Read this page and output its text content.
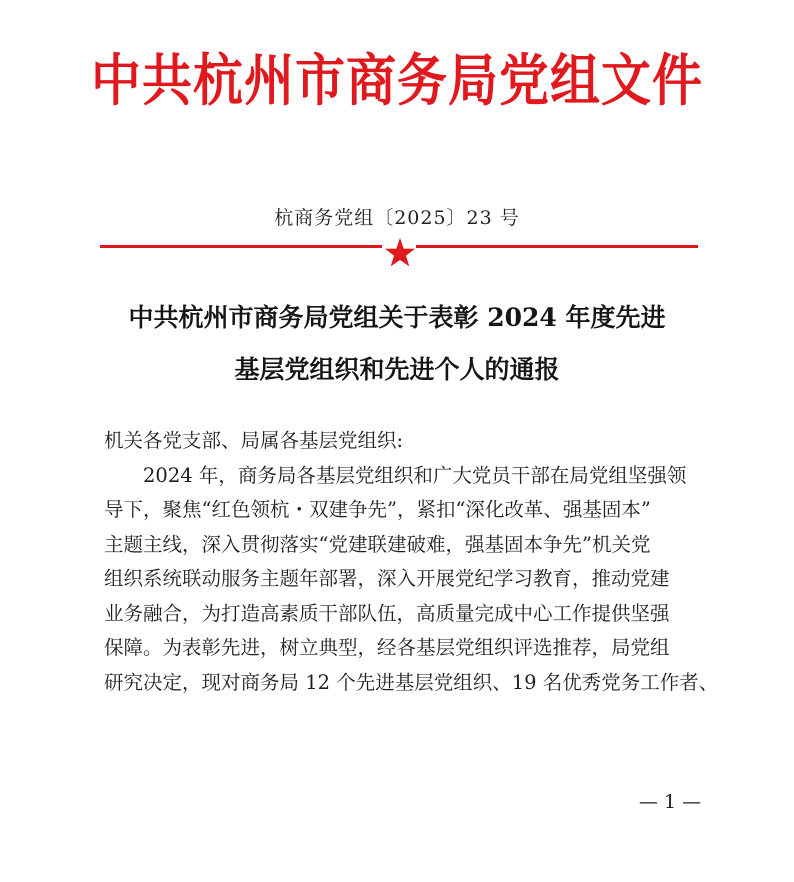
中共杭州市商务局党组文件
杭商务党组〔2025〕23 号
中共杭州市商务局党组关于表彰 2024 年度先进
基层党组织和先进个人的通报
机关各党支部、局属各基层党组织:
2024 年，商务局各基层党组织和广大党员干部在局党组坚强领
导下，聚焦“红色领杭・双建争先”，紧扣“深化改革、强基固本”
主题主线，深入贯彻落实“党建联建破难，强基固本争先”机关党
组织系统联动服务主题年部署，深入开展党纪学习教育，推动党建
业务融合，为打造高素质干部队伍，高质量完成中心工作提供坚强
保障。为表彰先进，树立典型，经各基层党组织评选推荐，局党组
研究决定，现对商务局 12 个先进基层党组织、19 名优秀党务工作者、
— 1 —
